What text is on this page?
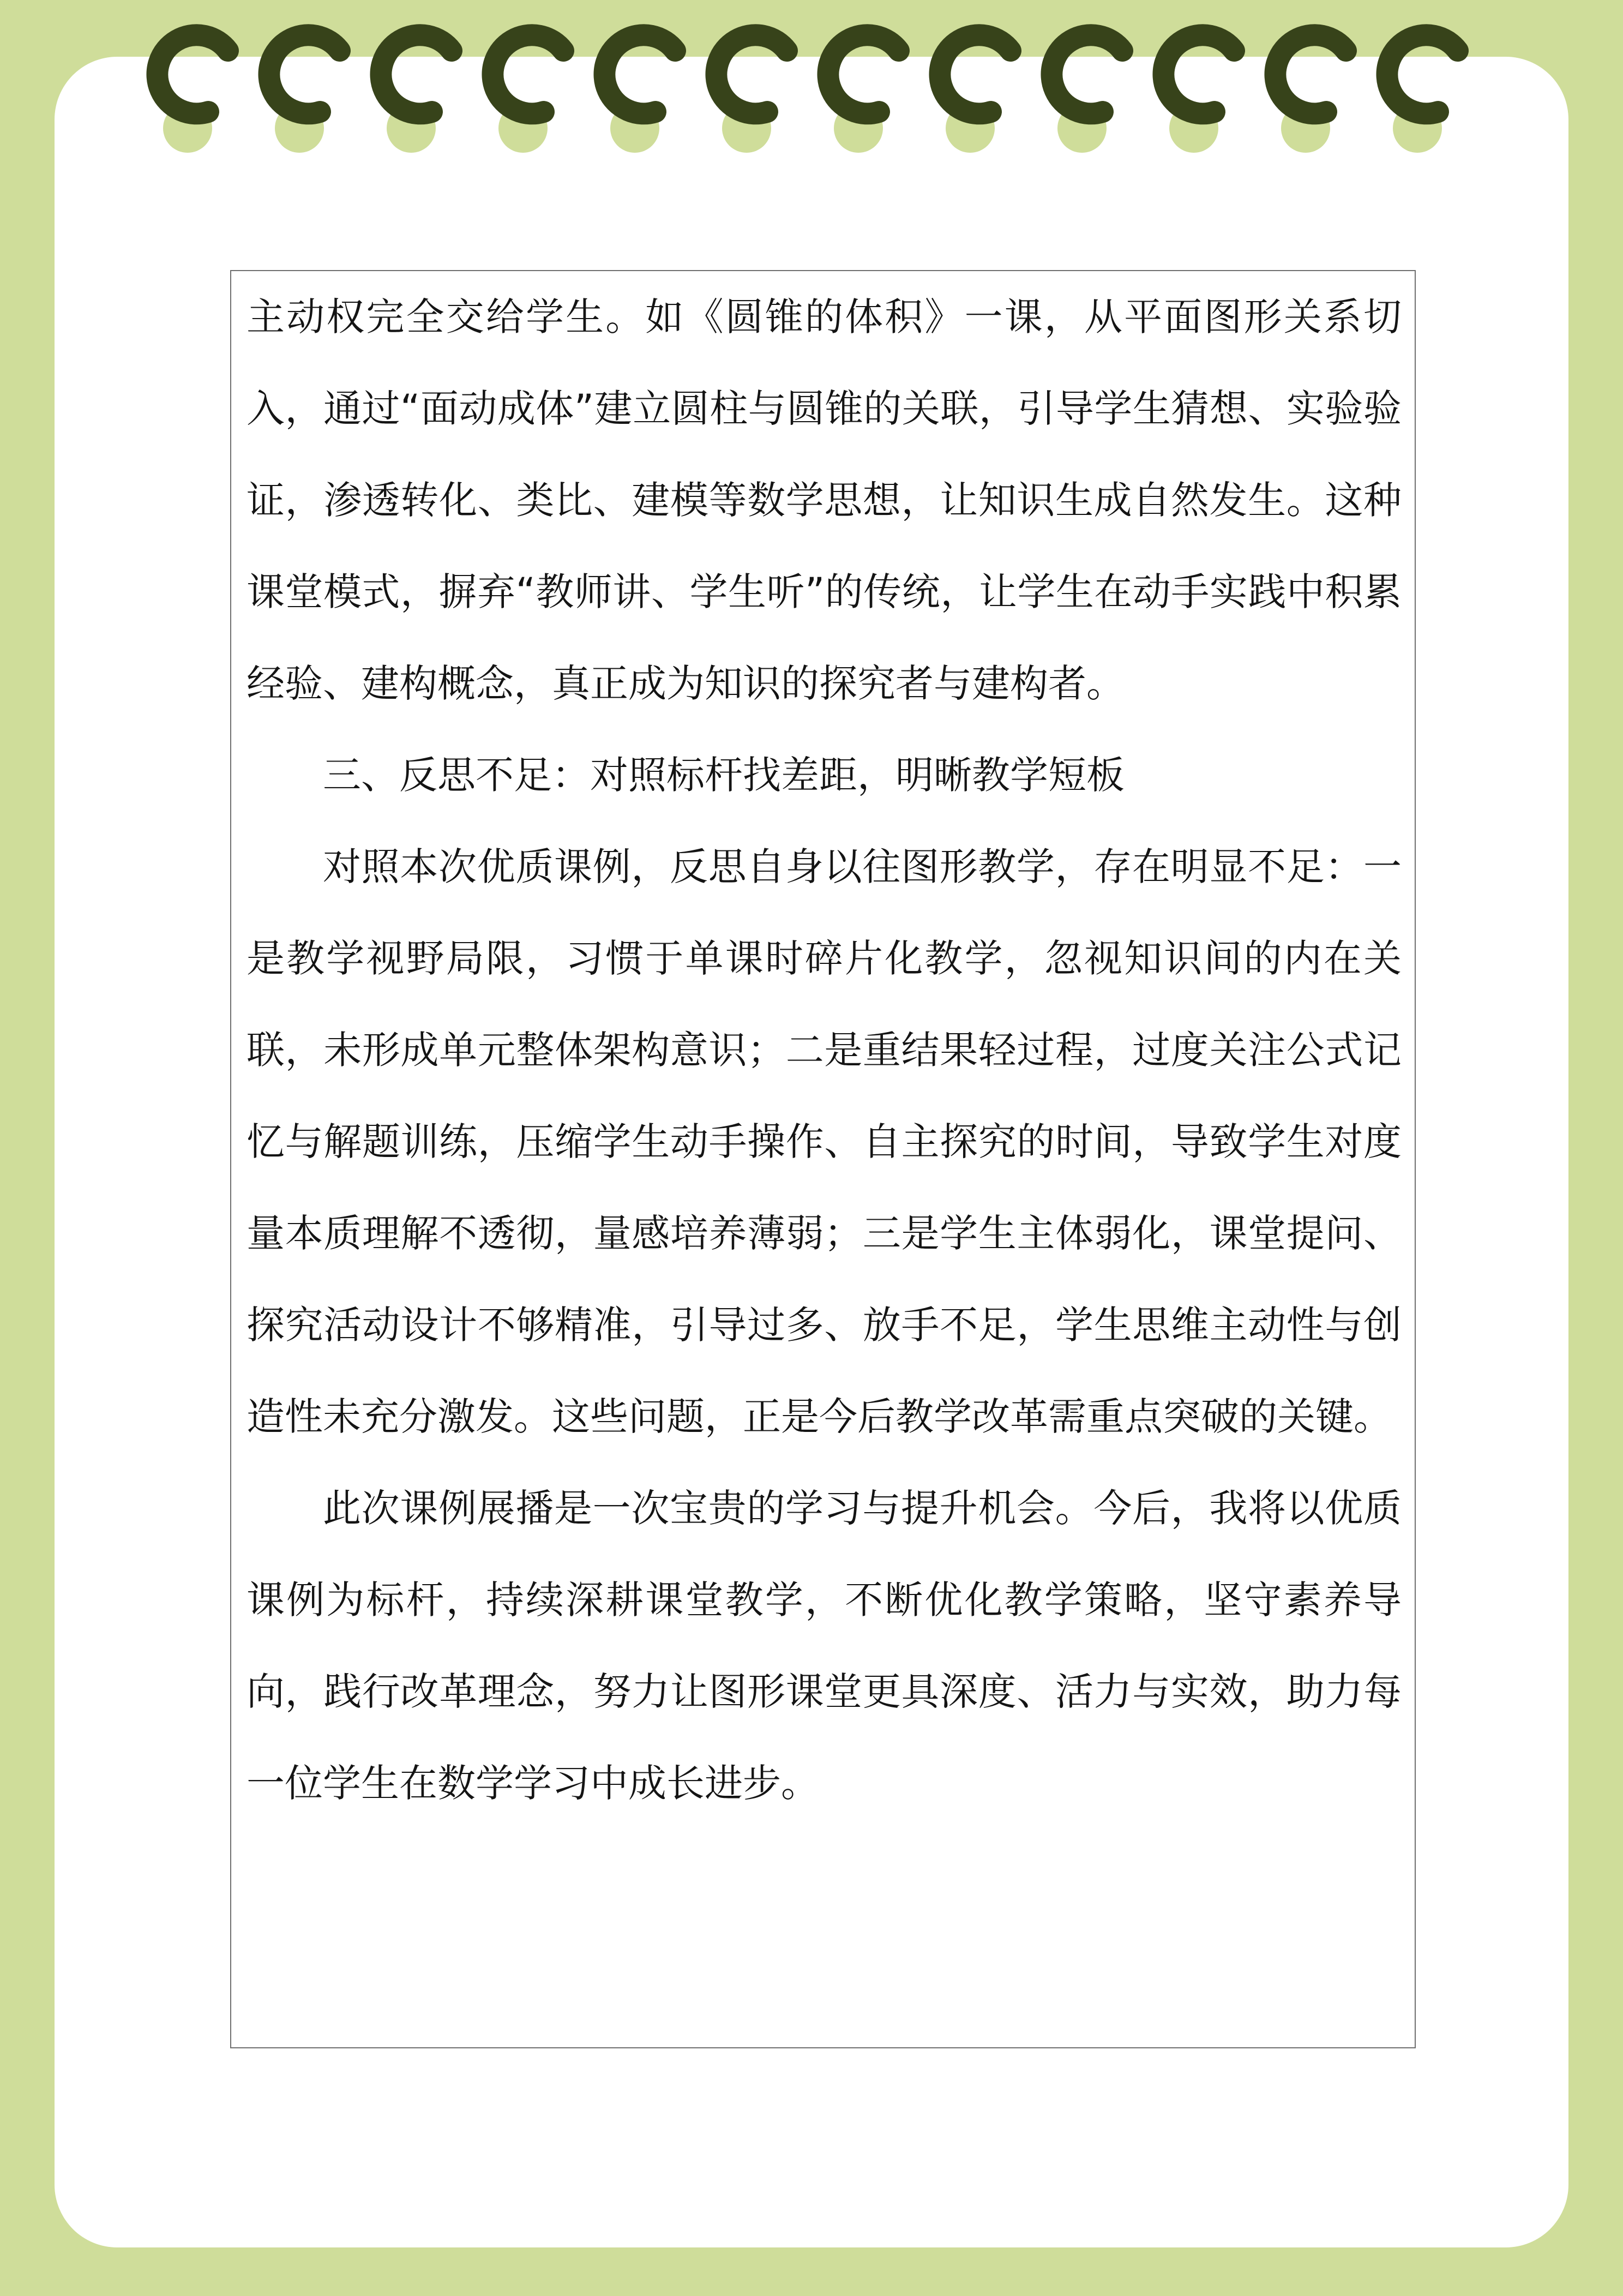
主动权完全交给学生。如《圆锥的体积》一课，从平面图形关系切入，通过“面动成体”建立圆柱与圆锥的关联，引导学生猜想、实验验证，渗透转化、类比、建模等数学思想，让知识生成自然发生。这种课堂模式，摒弃“教师讲、学生听”的传统，让学生在动手实践中积累经验、建构概念，真正成为知识的探究者与建构者。

三、反思不足：对照标杆找差距，明晰教学短板

对照本次优质课例，反思自身以往图形教学，存在明显不足：一是教学视野局限，习惯于单课时碎片化教学，忽视知识间的内在关联，未形成单元整体架构意识；二是重结果轻过程，过度关注公式记忆与解题训练，压缩学生动手操作、自主探究的时间，导致学生对度量本质理解不透彻，量感培养薄弱；三是学生主体弱化，课堂提问、探究活动设计不够精准，引导过多、放手不足，学生思维主动性与创造性未充分激发。这些问题，正是今后教学改革需重点突破的关键。

此次课例展播是一次宝贵的学习与提升机会。今后，我将以优质课例为标杆，持续深耕课堂教学，不断优化教学策略，坚守素养导向，践行改革理念，努力让图形课堂更具深度、活力与实效，助力每一位学生在数学学习中成长进步。
